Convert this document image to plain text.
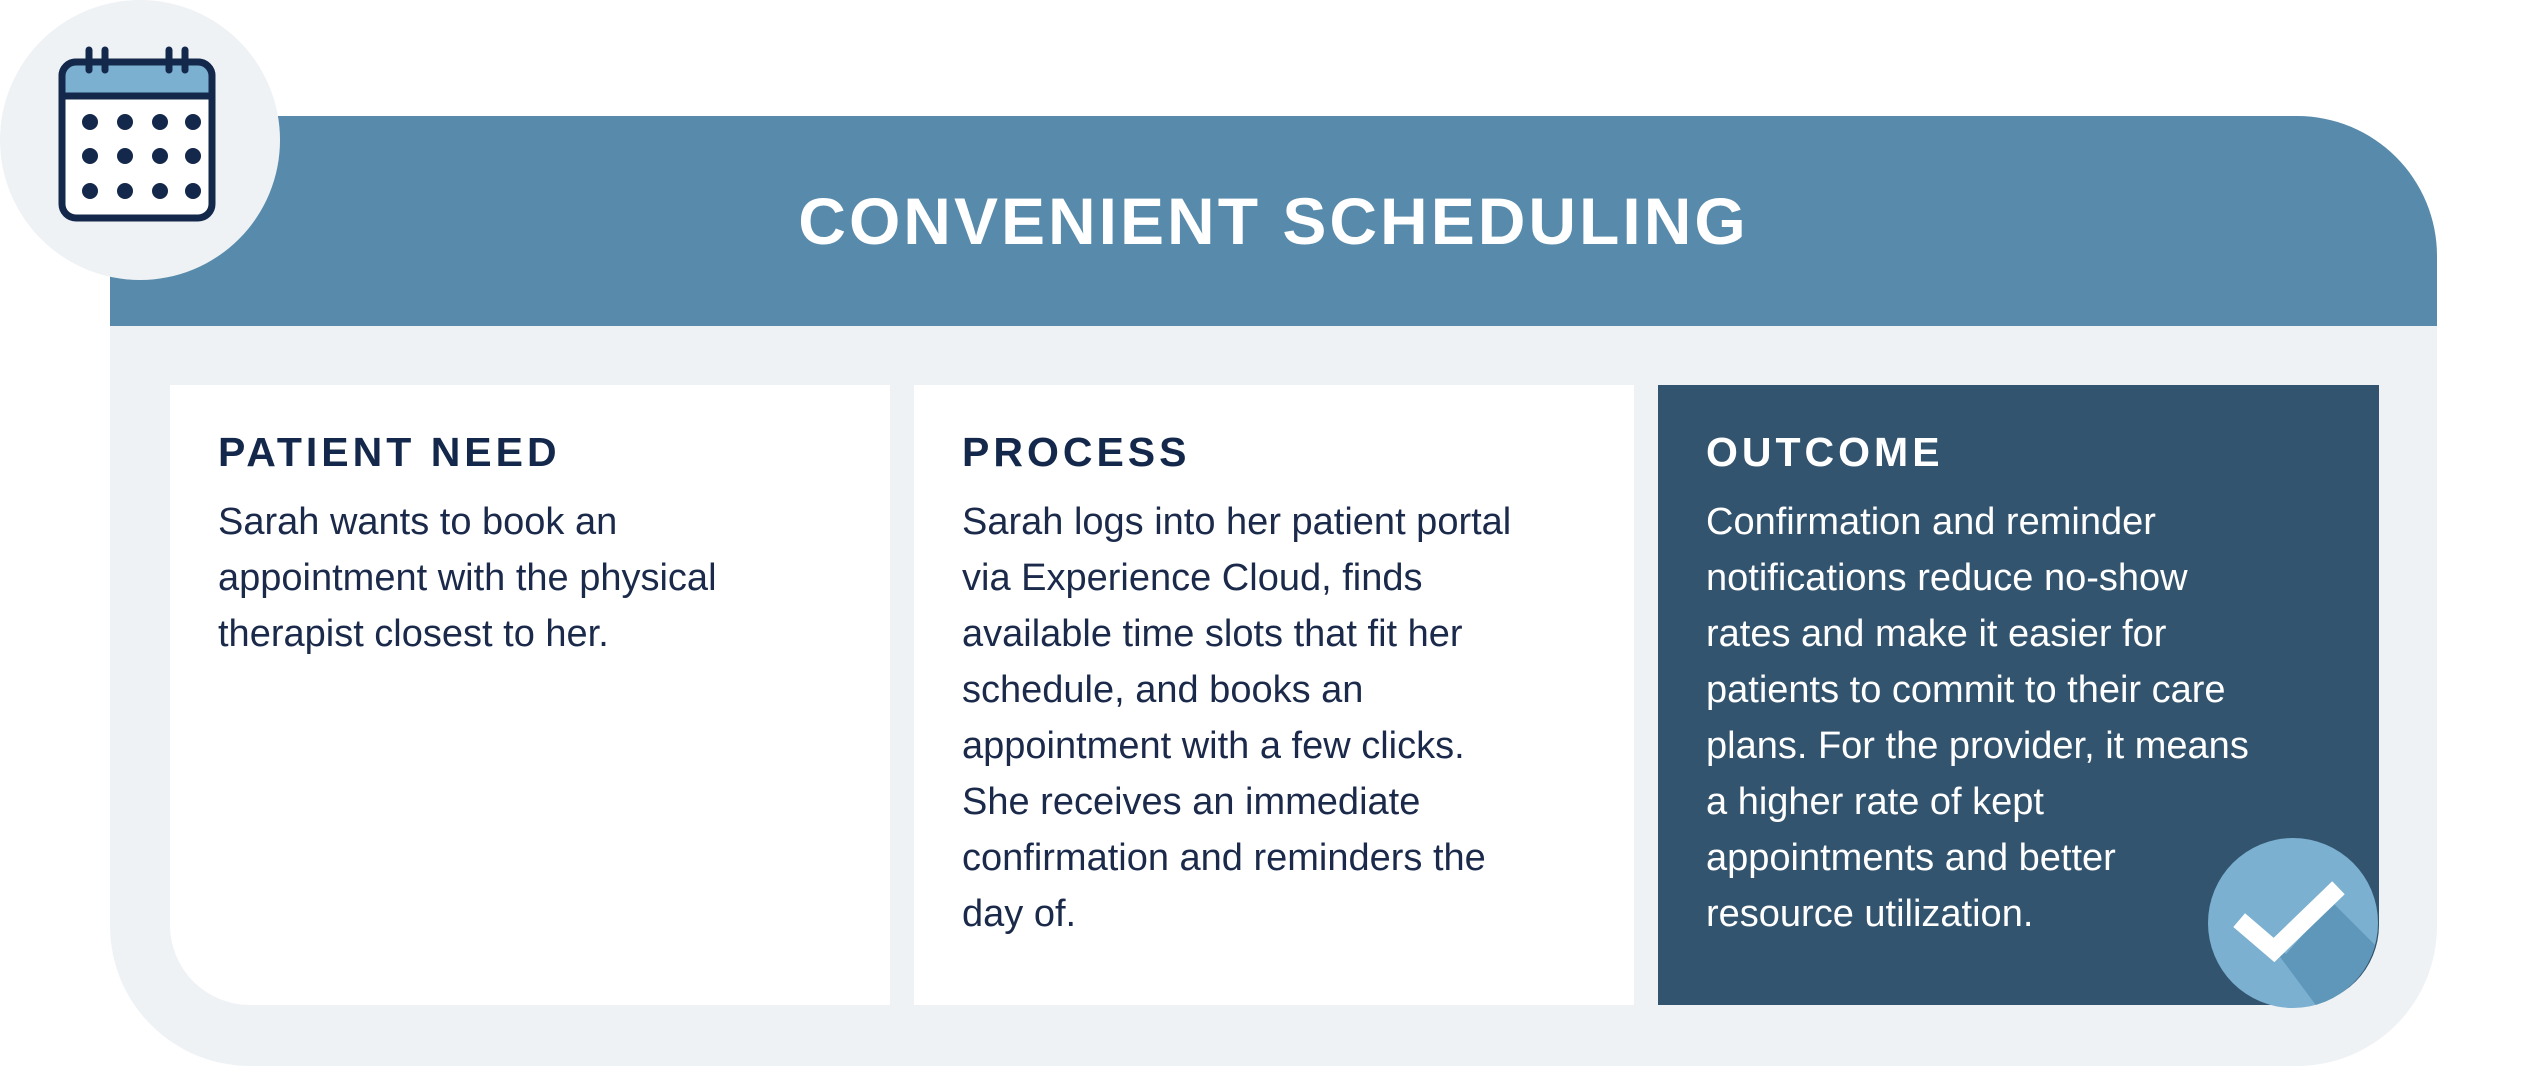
CONVENIENT SCHEDULING
PATIENT NEED

Sarah wants to book an appointment with the physical therapist closest to her.

PROCESS

Sarah logs into her patient portal via Experience Cloud, finds available time slots that fit her schedule, and books an appointment with a few clicks. She receives an immediate confirmation and reminders the day of.

OUTCOME

Confirmation and reminder notifications reduce no-show rates and make it easier for patients to commit to their care plans. For the provider, it means a higher rate of kept appointments and better resource utilization.
